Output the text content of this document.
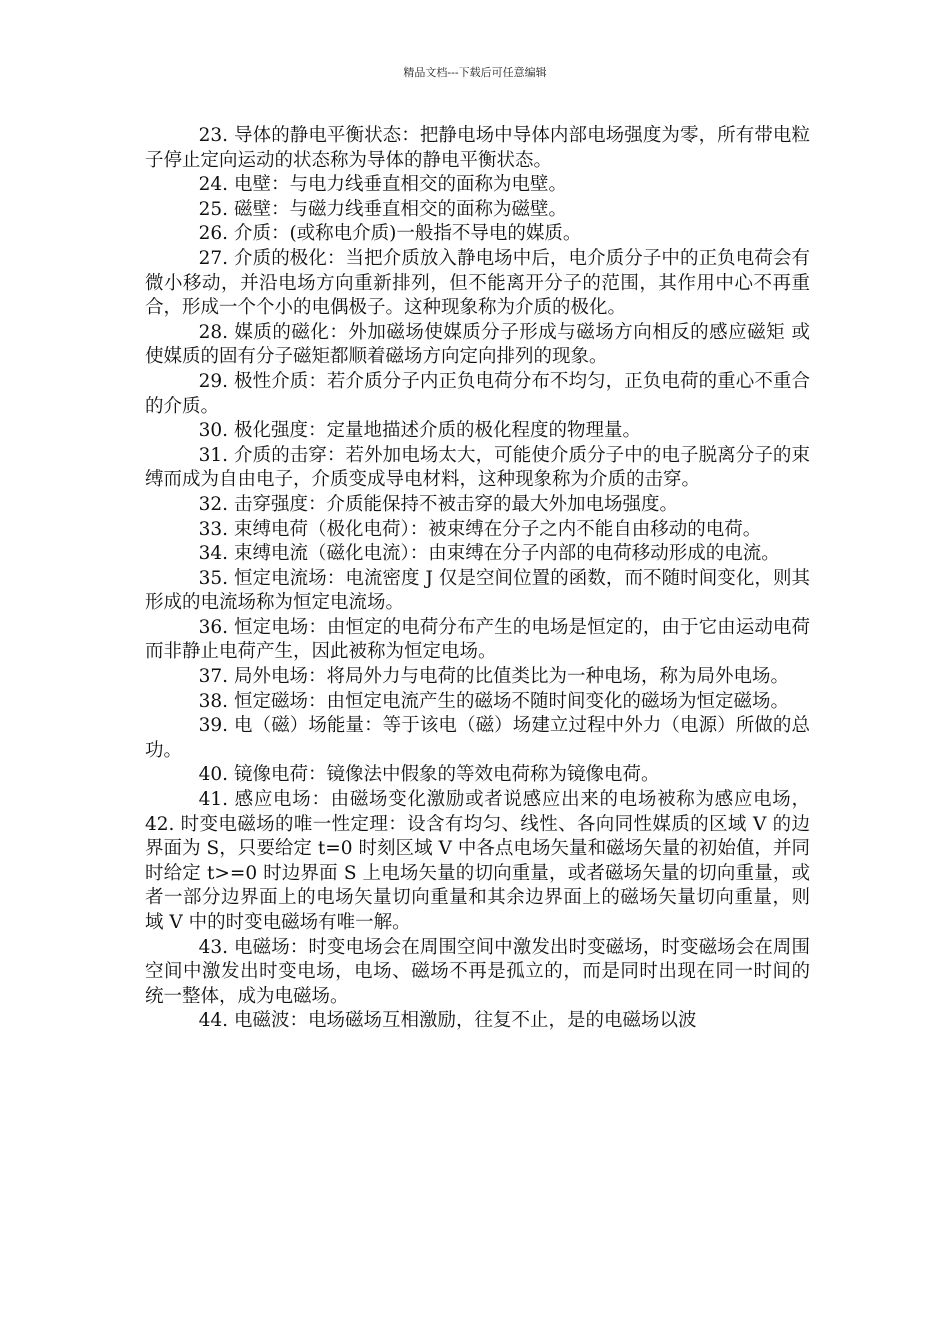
精品文档---下载后可任意编辑

23. 导体的静电平衡状态：把静电场中导体内部电场强度为零，所有带电粒子停止定向运动的状态称为导体的静电平衡状态。

24. 电壁：与电力线垂直相交的面称为电壁。

25. 磁壁：与磁力线垂直相交的面称为磁壁。

26. 介质：(或称电介质)一般指不导电的媒质。

27. 介质的极化：当把介质放入静电场中后，电介质分子中的正负电荷会有微小移动，并沿电场方向重新排列，但不能离开分子的范围，其作用中心不再重合，形成一个个小的电偶极子。这种现象称为介质的极化。

28. 媒质的磁化：外加磁场使媒质分子形成与磁场方向相反的感应磁矩 或使媒质的固有分子磁矩都顺着磁场方向定向排列的现象。

29. 极性介质：若介质分子内正负电荷分布不均匀，正负电荷的重心不重合的介质。

30. 极化强度：定量地描述介质的极化程度的物理量。

31. 介质的击穿：若外加电场太大，可能使介质分子中的电子脱离分子的束缚而成为自由电子，介质变成导电材料，这种现象称为介质的击穿。

32. 击穿强度：介质能保持不被击穿的最大外加电场强度。

33. 束缚电荷（极化电荷）：被束缚在分子之内不能自由移动的电荷。

34. 束缚电流（磁化电流）：由束缚在分子内部的电荷移动形成的电流。

35. 恒定电流场：电流密度 J 仅是空间位置的函数，而不随时间变化，则其形成的电流场称为恒定电流场。

36. 恒定电场：由恒定的电荷分布产生的电场是恒定的，由于它由运动电荷而非静止电荷产生，因此被称为恒定电场。

37. 局外电场：将局外力与电荷的比值类比为一种电场，称为局外电场。

38. 恒定磁场：由恒定电流产生的磁场不随时间变化的磁场为恒定磁场。

39. 电（磁）场能量：等于该电（磁）场建立过程中外力（电源）所做的总功。

40. 镜像电荷：镜像法中假象的等效电荷称为镜像电荷。

41. 感应电场：由磁场变化激励或者说感应出来的电场被称为感应电场， 42. 时变电磁场的唯一性定理：设含有均匀、线性、各向同性媒质的区域 V 的边界面为 S，只要给定 t=0 时刻区域 V 中各点电场矢量和磁场矢量的初始值，并同时给定 t>=0 时边界面 S 上电场矢量的切向重量，或者磁场矢量的切向重量，或者一部分边界面上的电场矢量切向重量和其余边界面上的磁场矢量切向重量，则域 V 中的时变电磁场有唯一解。

43. 电磁场：时变电场会在周围空间中激发出时变磁场，时变磁场会在周围空间中激发出时变电场，电场、磁场不再是孤立的，而是同时出现在同一时间的统一整体，成为电磁场。

44. 电磁波：电场磁场互相激励，往复不止，是的电磁场以波
